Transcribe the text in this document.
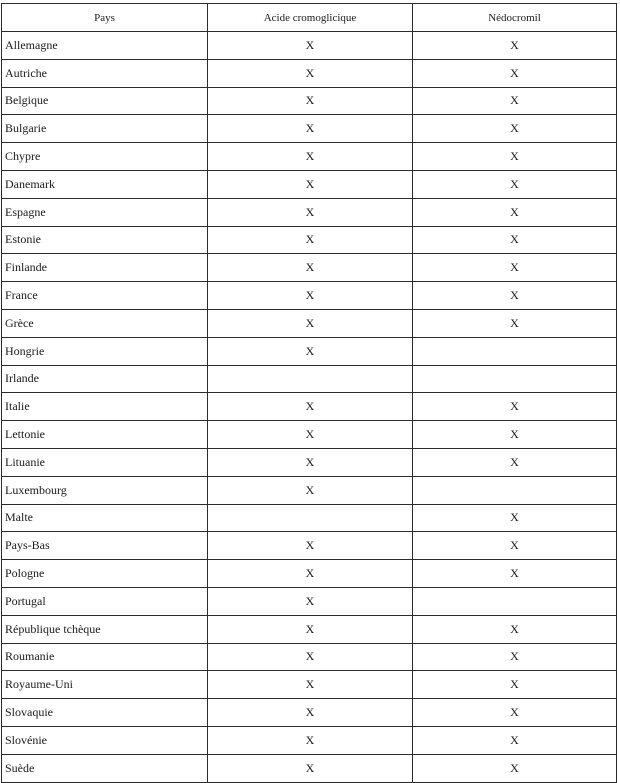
Pays	Acide cromoglicique	Nédocromil
Allemagne	X	X
Autriche	X	X
Belgique	X	X
Bulgarie	X	X
Chypre	X	X
Danemark	X	X
Espagne	X	X
Estonie	X	X
Finlande	X	X
France	X	X
Grèce	X	X
Hongrie	X	
Irlande		
Italie	X	X
Lettonie	X	X
Lituanie	X	X
Luxembourg	X	
Malte		X
Pays-Bas	X	X
Pologne	X	X
Portugal	X	
République tchèque	X	X
Roumanie	X	X
Royaume-Uni	X	X
Slovaquie	X	X
Slovénie	X	X
Suède	X	X
